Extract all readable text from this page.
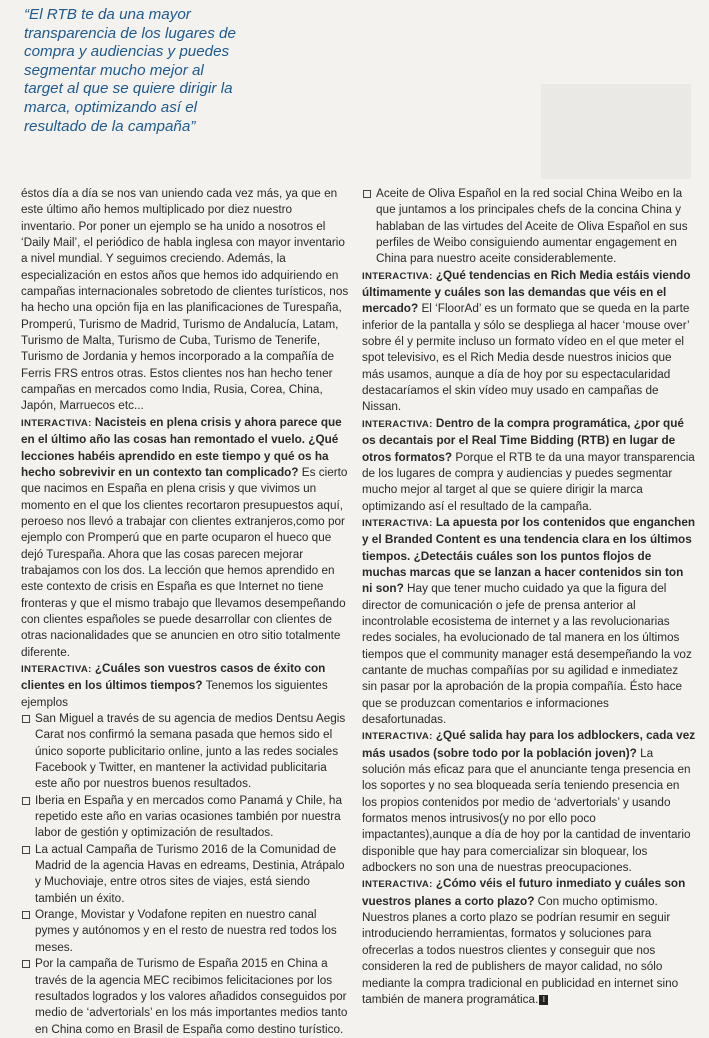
“El RTB te da una mayor transparencia de los lugares de compra y audiencias y puedes segmentar mucho mejor al target al que se quiere dirigir la marca, optimizando así el resultado de la campaña”

éstos día a día se nos van uniendo cada vez más, ya que en este último año hemos multiplicado por diez nuestro inventario. Por poner un ejemplo se ha unido a nosotros el ‘Daily Mail’, el periódico de habla inglesa con mayor inventario a nivel mundial. Y seguimos creciendo. Además, la especialización en estos años que hemos ido adquiriendo en campañas internacionales sobretodo de clientes turísticos, nos ha hecho una opción fija en las planificaciones de Turespaña, Promperú, Turismo de Madrid, Turismo de Andalucía, Latam, Turismo de Malta, Turismo de Cuba, Turismo de Tenerife, Turismo de Jordania y hemos incorporado a la compañía de Ferris FRS entros otras. Estos clientes nos han hecho tener campañas en mercados como India, Rusia, Corea, China, Japón, Marruecos etc...

INTERACTIVA: Nacisteis en plena crisis y ahora parece que en el último año las cosas han remontado el vuelo. ¿Qué lecciones habéis aprendido en este tiempo y qué os ha hecho sobrevivir en un contexto tan complicado? Es cierto que nacimos en España en plena crisis y que vivimos un momento en el que los clientes recortaron presupuestos aquí, peroeso nos llevó a trabajar con clientes extranjeros,como por ejemplo con Promperú que en parte ocuparon el hueco que dejó Turespaña. Ahora que las cosas parecen mejorar trabajamos con los dos. La lección que hemos aprendido en este contexto de crisis en España es que Internet no tiene fronteras y que el mismo trabajo que llevamos desempeñando con clientes españoles se puede desarrollar con clientes de otras nacionalidades que se anuncien en otro sitio totalmente diferente.

INTERACTIVA: ¿Cuáles son vuestros casos de éxito con clientes en los últimos tiempos? Tenemos los siguientes ejemplos

San Miguel a través de su agencia de medios Dentsu Aegis Carat nos confirmó la semana pasada que hemos sido el único soporte publicitario online, junto a las redes sociales Facebook y Twitter, en mantener la actividad publicitaria este año por nuestros buenos resultados.
Iberia en España y en mercados como Panamá y Chile, ha repetido este año en varias ocasiones también por nuestra labor de gestión y optimización de resultados.
La actual Campaña de Turismo 2016 de la Comunidad de Madrid de la agencia Havas en edreams, Destinia, Atrápalo y Muchoviaje, entre otros sites de viajes, está siendo también un éxito.
Orange, Movistar y Vodafone repiten en nuestro canal pymes y autónomos y en el resto de nuestra red todos los meses.
Por la campaña de Turismo de España 2015 en China a través de la agencia MEC recibimos felicitaciones por los resultados logrados y los valores añadidos conseguidos por medio de ‘advertorials’ en los más importantes medios tanto en China como en Brasil de España como destino turístico.
Aceite de Oliva Español en la red social China Weibo en la que juntamos a los principales chefs de la concina China y hablaban de las virtudes del Aceite de Oliva Español en sus perfiles de Weibo consiguiendo aumentar engagement en China para nuestro aceite considerablemente.

INTERACTIVA: ¿Qué tendencias en Rich Media estáis viendo últimamente y cuáles son las demandas que véis en el mercado? El ‘FloorAd’ es un formato que se queda en la parte inferior de la pantalla y sólo se despliega al hacer ‘mouse over’ sobre él y permite incluso un formato vídeo en el que meter el spot televisivo, es el Rich Media desde nuestros inicios que más usamos, aunque a día de hoy por su espectacularidad destacaríamos el skin vídeo muy usado en campañas de Nissan.

INTERACTIVA: Dentro de la compra programática, ¿por qué os decantais por el Real Time Bidding (RTB) en lugar de otros formatos? Porque el RTB te da una mayor transparencia de los lugares de compra y audiencias y puedes segmentar mucho mejor al target al que se quiere dirigir la marca optimizando así el resultado de la campaña.

INTERACTIVA: La apuesta por los contenidos que enganchen y el Branded Content es una tendencia clara en los últimos tiempos. ¿Detectáis cuáles son los puntos flojos de muchas marcas que se lanzan a hacer contenidos sin ton ni son? Hay que tener mucho cuidado ya que la figura del director de comunicación o jefe de prensa anterior al incontrolable ecosistema de internet y a las revolucionarias redes sociales, ha evolucionado de tal manera en los últimos tiempos que el community manager está desempeñando la voz cantante de muchas compañías por su agilidad e inmediatez sin pasar por la aprobación de la propia compañía. Ésto hace que se produzcan comentarios e informaciones desafortunadas.

INTERACTIVA: ¿Qué salida hay para los adblockers, cada vez más usados (sobre todo por la población joven)? La solución más eficaz para que el anunciante tenga presencia en los soportes y no sea bloqueada sería teniendo presencia en los propios contenidos por medio de ‘advertorials’ y usando formatos menos intrusivos(y no por ello poco impactantes),aunque a día de hoy por la cantidad de inventario disponible que hay para comercializar sin bloquear, los adbockers no son una de nuestras preocupaciones.

INTERACTIVA: ¿Cómo véis el futuro inmediato y cuáles son vuestros planes a corto plazo? Con mucho optimismo. Nuestros planes a corto plazo se podrían resumir en seguir introduciendo herramientas, formatos y soluciones para ofrecerlas a todos nuestros clientes y conseguir que nos consideren la red de publishers de mayor calidad, no sólo mediante la compra tradicional en publicidad en internet sino también de manera programática. I
